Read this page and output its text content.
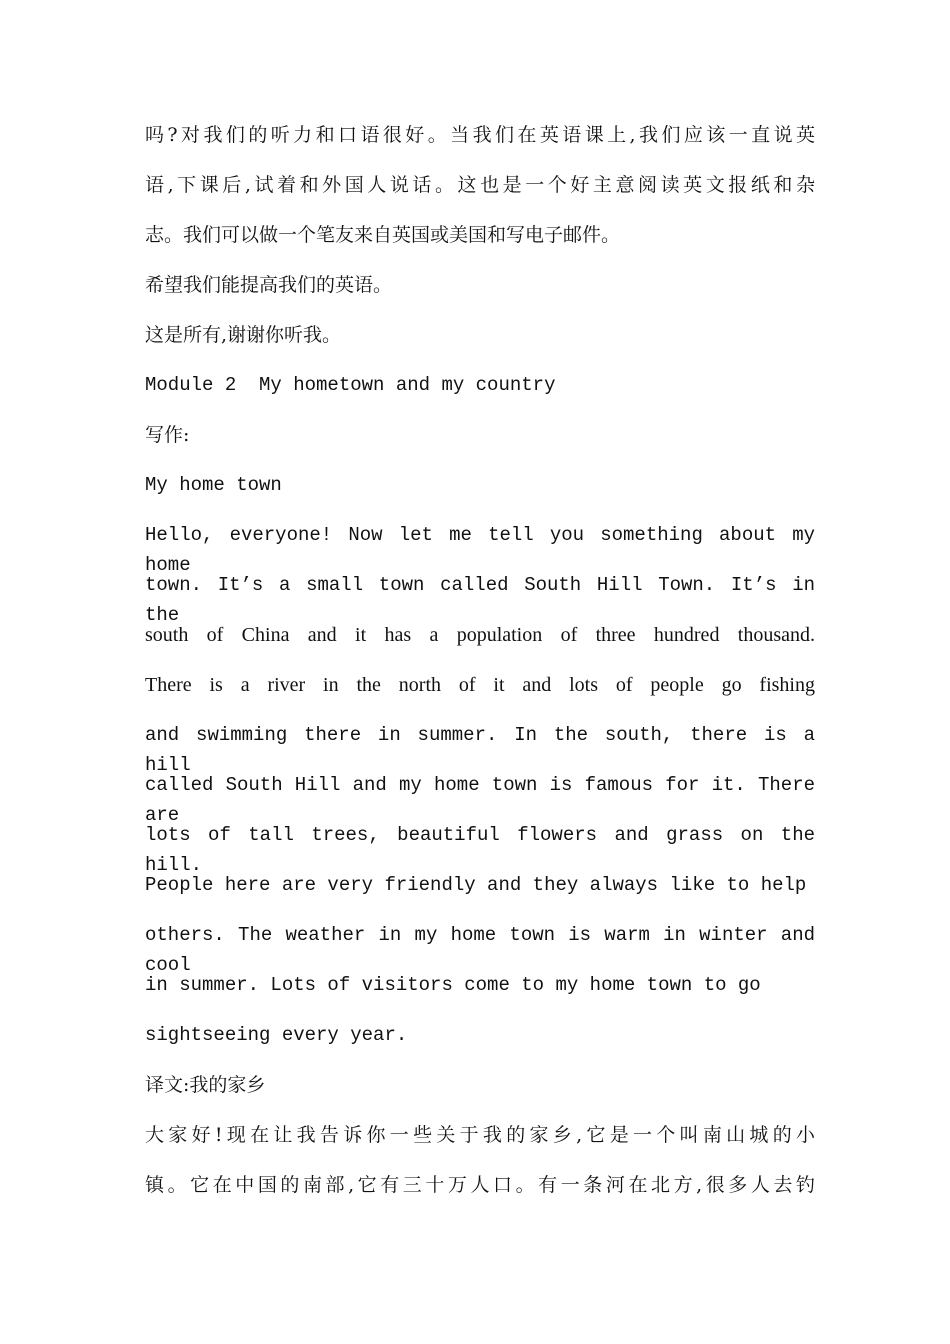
吗?对我们的听力和口语很好。当我们在英语课上,我们应该一直说英
语,下课后,试着和外国人说话。这也是一个好主意阅读英文报纸和杂
志。我们可以做一个笔友来自英国或美国和写电子邮件。
希望我们能提高我们的英语。
这是所有,谢谢你听我。
Module 2  My hometown and my country
写作:
My home town
Hello, everyone! Now let me tell you something about my home
town. It’s a small town called South Hill Town. It’s in the
south of China and it has a population of three hundred thousand.
There is a river in the north of it and lots of people go fishing
and swimming there in summer. In the south, there is a hill
called South Hill and my home town is famous for it. There are
lots of tall trees, beautiful flowers and grass on the hill.
People here are very friendly and they always like to help
others. The weather in my home town is warm in winter and cool
in summer. Lots of visitors come to my home town to go
sightseeing every year.
译文:我的家乡
大家好!现在让我告诉你一些关于我的家乡,它是一个叫南山城的小
镇。它在中国的南部,它有三十万人口。有一条河在北方,很多人去钓
